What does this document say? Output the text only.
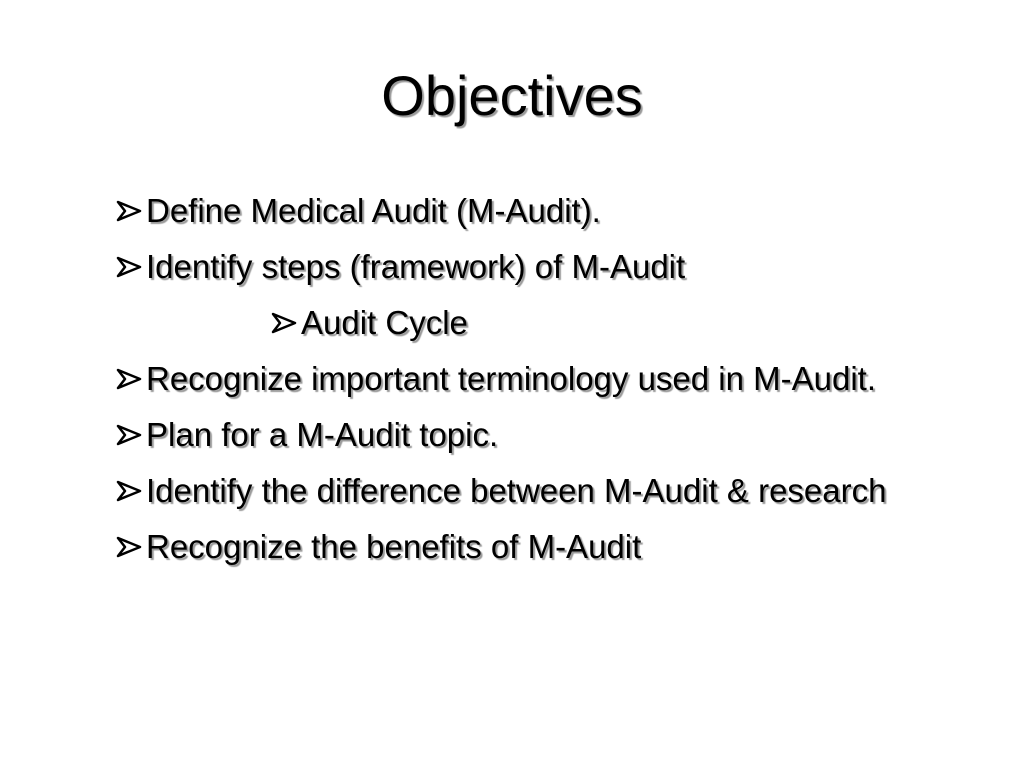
Objectives
Define Medical Audit (M-Audit).
Identify steps (framework) of M-Audit
Audit Cycle
Recognize important terminology used in M-Audit.
Plan for a M-Audit topic.
Identify the difference between M-Audit & research
Recognize the benefits of M-Audit
